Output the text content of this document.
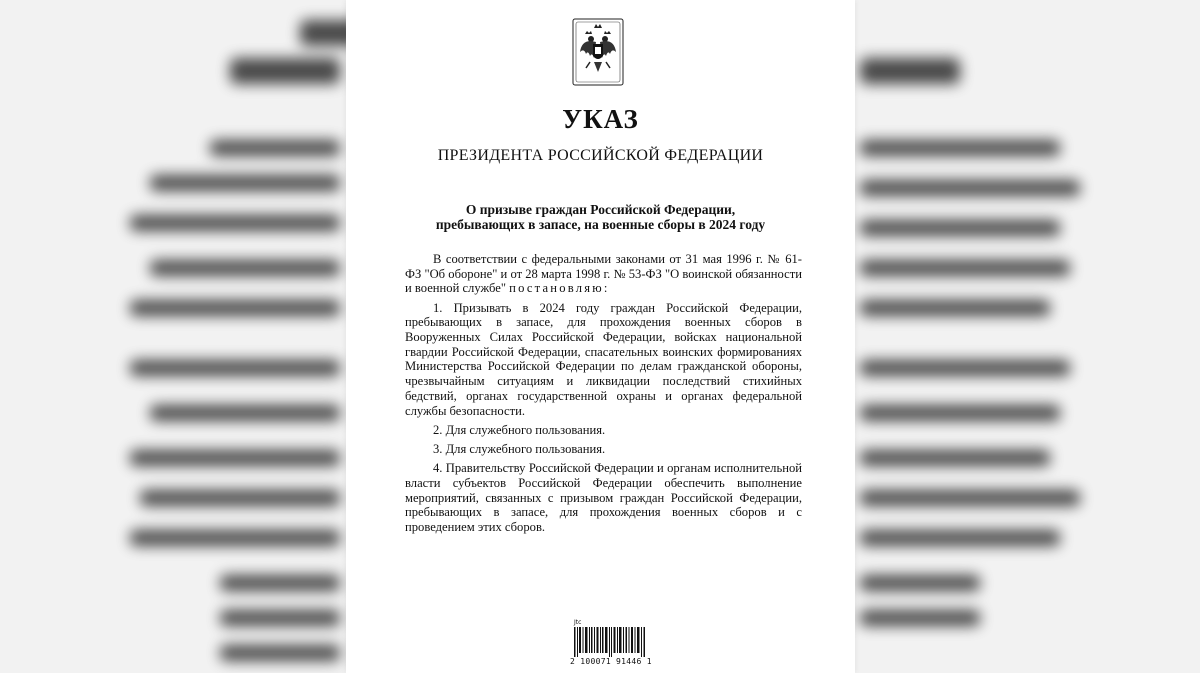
УКАЗ
ПРЕЗИДЕНТА РОССИЙСКОЙ ФЕДЕРАЦИИ
О призыве граждан Российской Федерации,
пребывающих в запасе, на военные сборы в 2024 году

В соответствии с федеральными законами от 31 мая 1996 г. № 61-ФЗ "Об обороне" и от 28 марта 1998 г. № 53-ФЗ "О воинской обязанности и военной службе" постановляю:

1. Призывать в 2024 году граждан Российской Федерации, пребывающих в запасе, для прохождения военных сборов в Вооруженных Силах Российской Федерации, войсках национальной гвардии Российской Федерации, спасательных воинских формированиях Министерства Российской Федерации по делам гражданской обороны, чрезвычайным ситуациям и ликвидации последствий стихийных бедствий, органах государственной охраны и органах федеральной службы безопасности.

2. Для служебного пользования.

3. Для служебного пользования.

4. Правительству Российской Федерации и органам исполнительной власти субъектов Российской Федерации обеспечить выполнение мероприятий, связанных с призывом граждан Российской Федерации, пребывающих в запасе, для прохождения военных сборов и с проведением этих сборов.

Jtc
2 100071 91446 1
